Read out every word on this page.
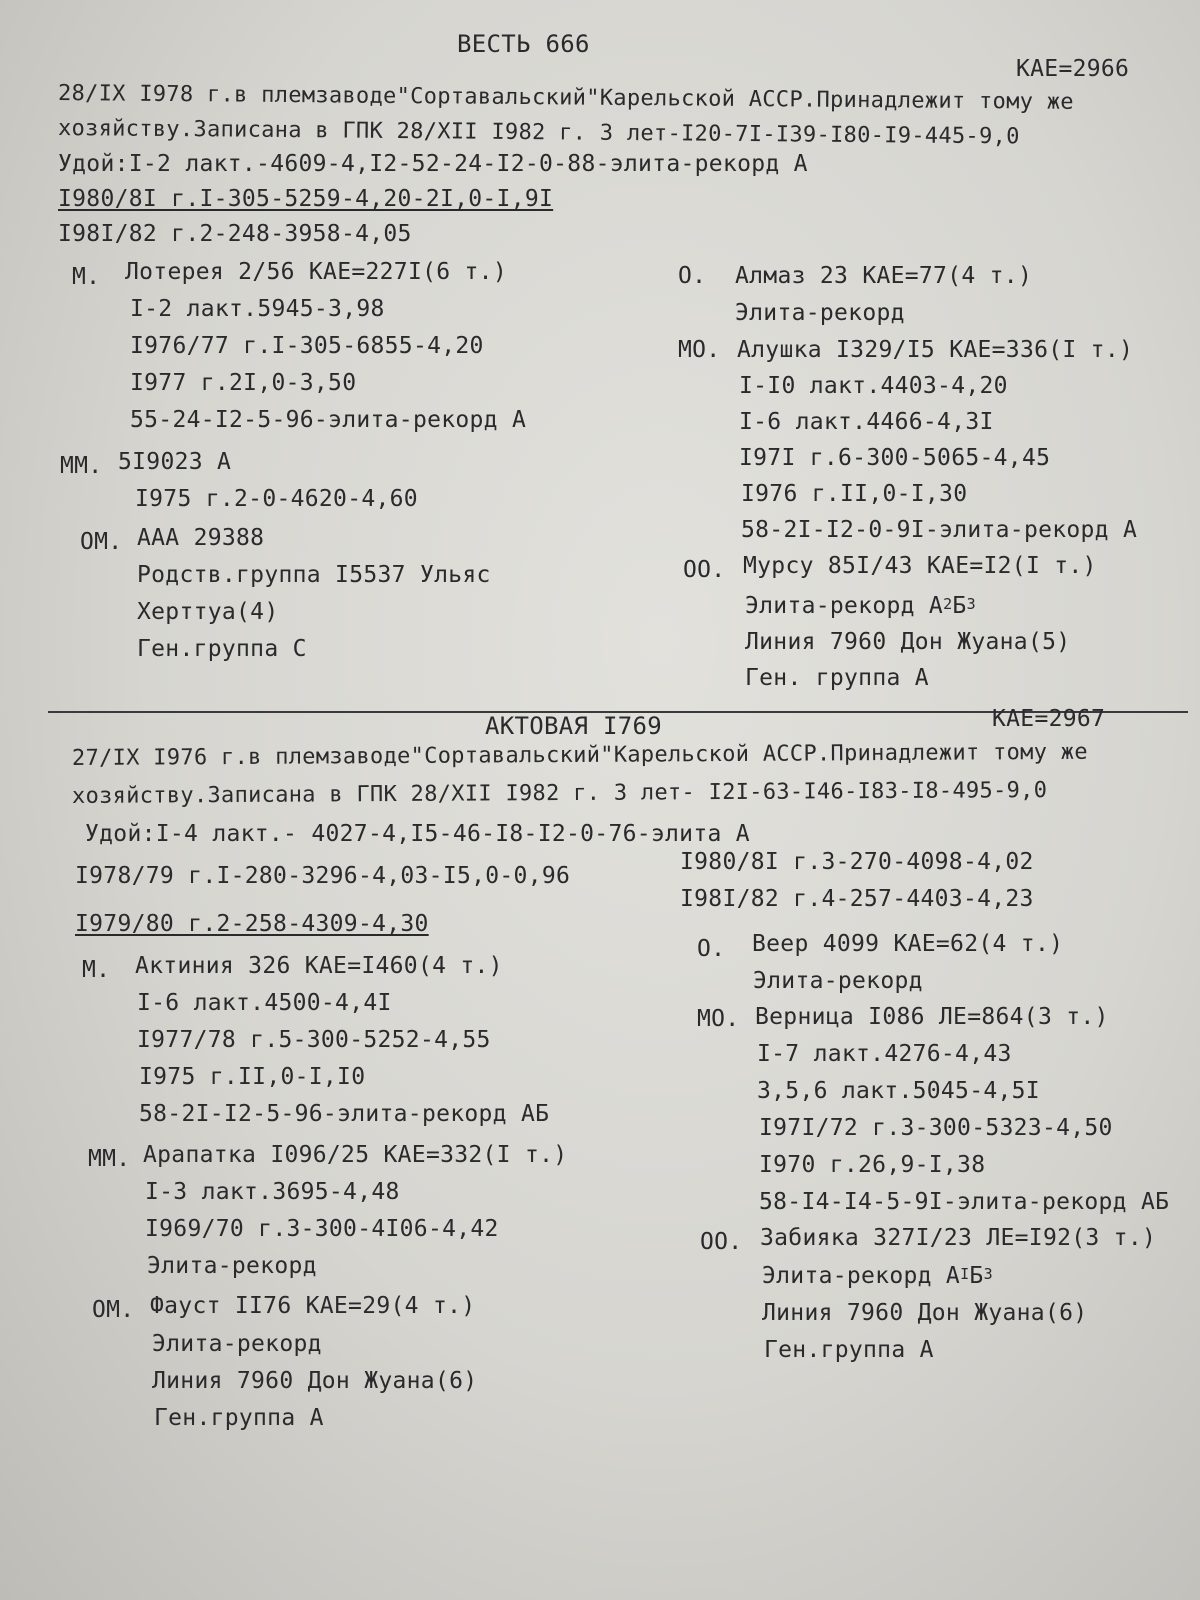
ВЕСТЬ 666
КАЕ=2966
28/IX I978 г.в племзаводе"Сортавальский"Карельской АССР.Принадлежит тому же
хозяйству.Записана в ГПК 28/XII I982 г. 3 лет-I20-7I-I39-I80-I9-445-9,0
Удой:I-2 лакт.-4609-4,I2-52-24-I2-0-88-элита-рекорд А
I980/8I г.I-305-5259-4,20-2I,0-I,9I
I98I/82 г.2-248-3958-4,05
М. Лотерея 2/56 КАЕ=227I(6 т.)
I-2 лакт.5945-3,98
I976/77 г.I-305-6855-4,20
I977 г.2I,0-3,50
55-24-I2-5-96-элита-рекорд А
ММ. 5I9023 А
I975 г.2-0-4620-4,60
ОМ. ААА 29388
Родств.группа I5537 Ульяс
Херттуа(4)
Ген.группа С
О. Алмаз 23 КАЕ=77(4 т.)
Элита-рекорд
МО. Алушка I329/I5 КАЕ=336(I т.)
I-I0 лакт.4403-4,20
I-6 лакт.4466-4,3I
I97I г.6-300-5065-4,45
I976 г.II,0-I,30
58-2I-I2-0-9I-элита-рекорд А
ОО. Мурсу 85I/43 КАЕ=I2(I т.)
Элита-рекорд $А^2Б^3$
Линия 7960 Дон Жуана(5)
Ген. группа А
АКТОВАЯ I769	КАЕ=2967
27/IX I976 г.в племзаводе"Сортавальский"Карельской АССР.Принадлежит тому же
хозяйству.Записана в ГПК 28/XII I982 г. 3 лет- I2I-63-I46-I83-I8-495-9,0
Удой:I-4 лакт.- 4027-4,I5-46-I8-I2-0-76-элита А
I978/79 г.I-280-3296-4,03-I5,0-0,96
I979/80 г.2-258-4309-4,30
I980/8I г.3-270-4098-4,02
I98I/82 г.4-257-4403-4,23
М. Актиния 326 КАЕ=I460(4 т.)
I-6 лакт.4500-4,4I
I977/78 г.5-300-5252-4,55
I975 г.II,0-I,I0
58-2I-I2-5-96-элита-рекорд АБ
ММ. Арапатка I096/25 КАЕ=332(I т.)
I-3 лакт.3695-4,48
I969/70 г.3-300-4I06-4,42
Элита-рекорд
ОМ. Фауст II76 КАЕ=29(4 т.)
Элита-рекорд
Линия 7960 Дон Жуана(6)
Ген.группа А
О. Веер 4099 КАЕ=62(4 т.)
Элита-рекорд
МО. Верница I086 ЛЕ=864(3 т.)
I-7 лакт.4276-4,43
3,5,6 лакт.5045-4,5I
I97I/72 г.3-300-5323-4,50
I970 г.26,9-I,38
58-I4-I4-5-9I-элита-рекорд АБ
ОО. Забияка 327I/23 ЛЕ=I92(3 т.)
Элита-рекорд $А^IБ^3$
Линия 7960 Дон Жуана(6)
Ген.группа А
